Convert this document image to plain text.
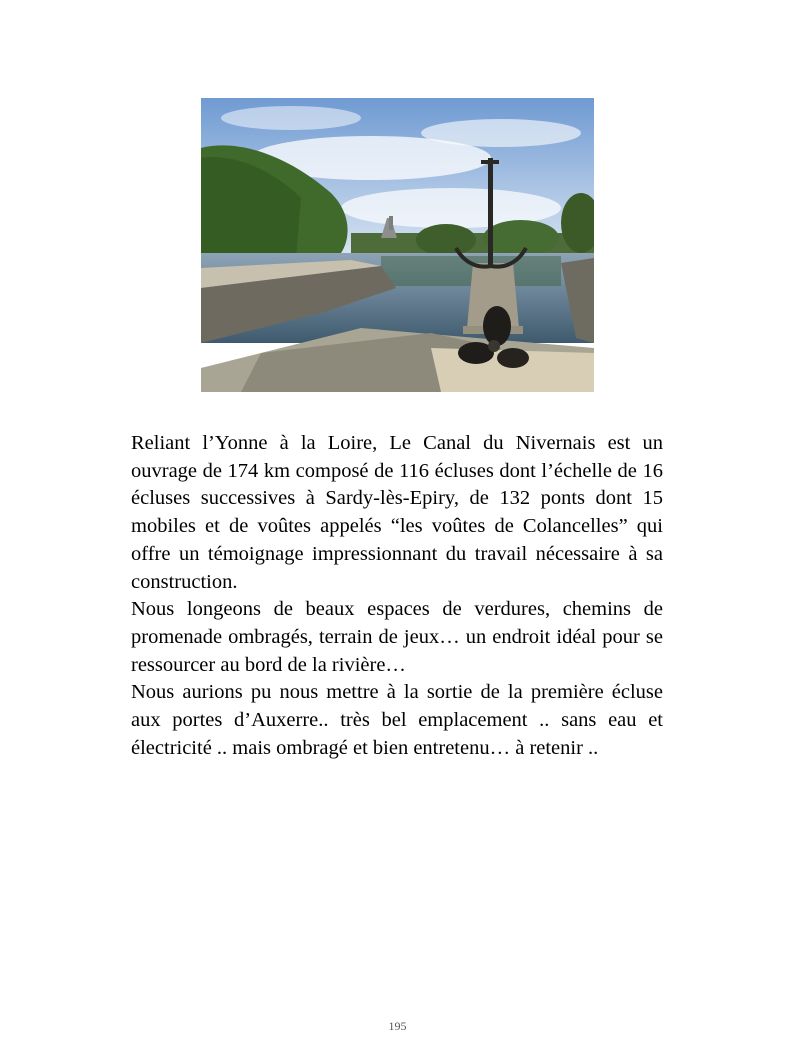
Reliant l’Yonne à la Loire, Le Canal du Nivernais est un ouvrage de 174 km composé de 116 écluses dont l’échelle de 16 écluses successives à Sardy-lès-Epiry, de 132 ponts dont 15 mobiles et de voûtes appelés “les voûtes de Colancelles” qui offre un témoignage impressionnant du travail nécessaire à sa construction.

Nous longeons de beaux espaces de verdures, chemins de promenade ombragés, terrain de jeux… un endroit idéal pour se ressourcer au bord de la rivière…

Nous aurions pu nous mettre à la sortie de la première écluse aux portes d’Auxerre.. très bel emplacement .. sans eau et électricité .. mais ombragé et bien entretenu… à retenir ..

195
